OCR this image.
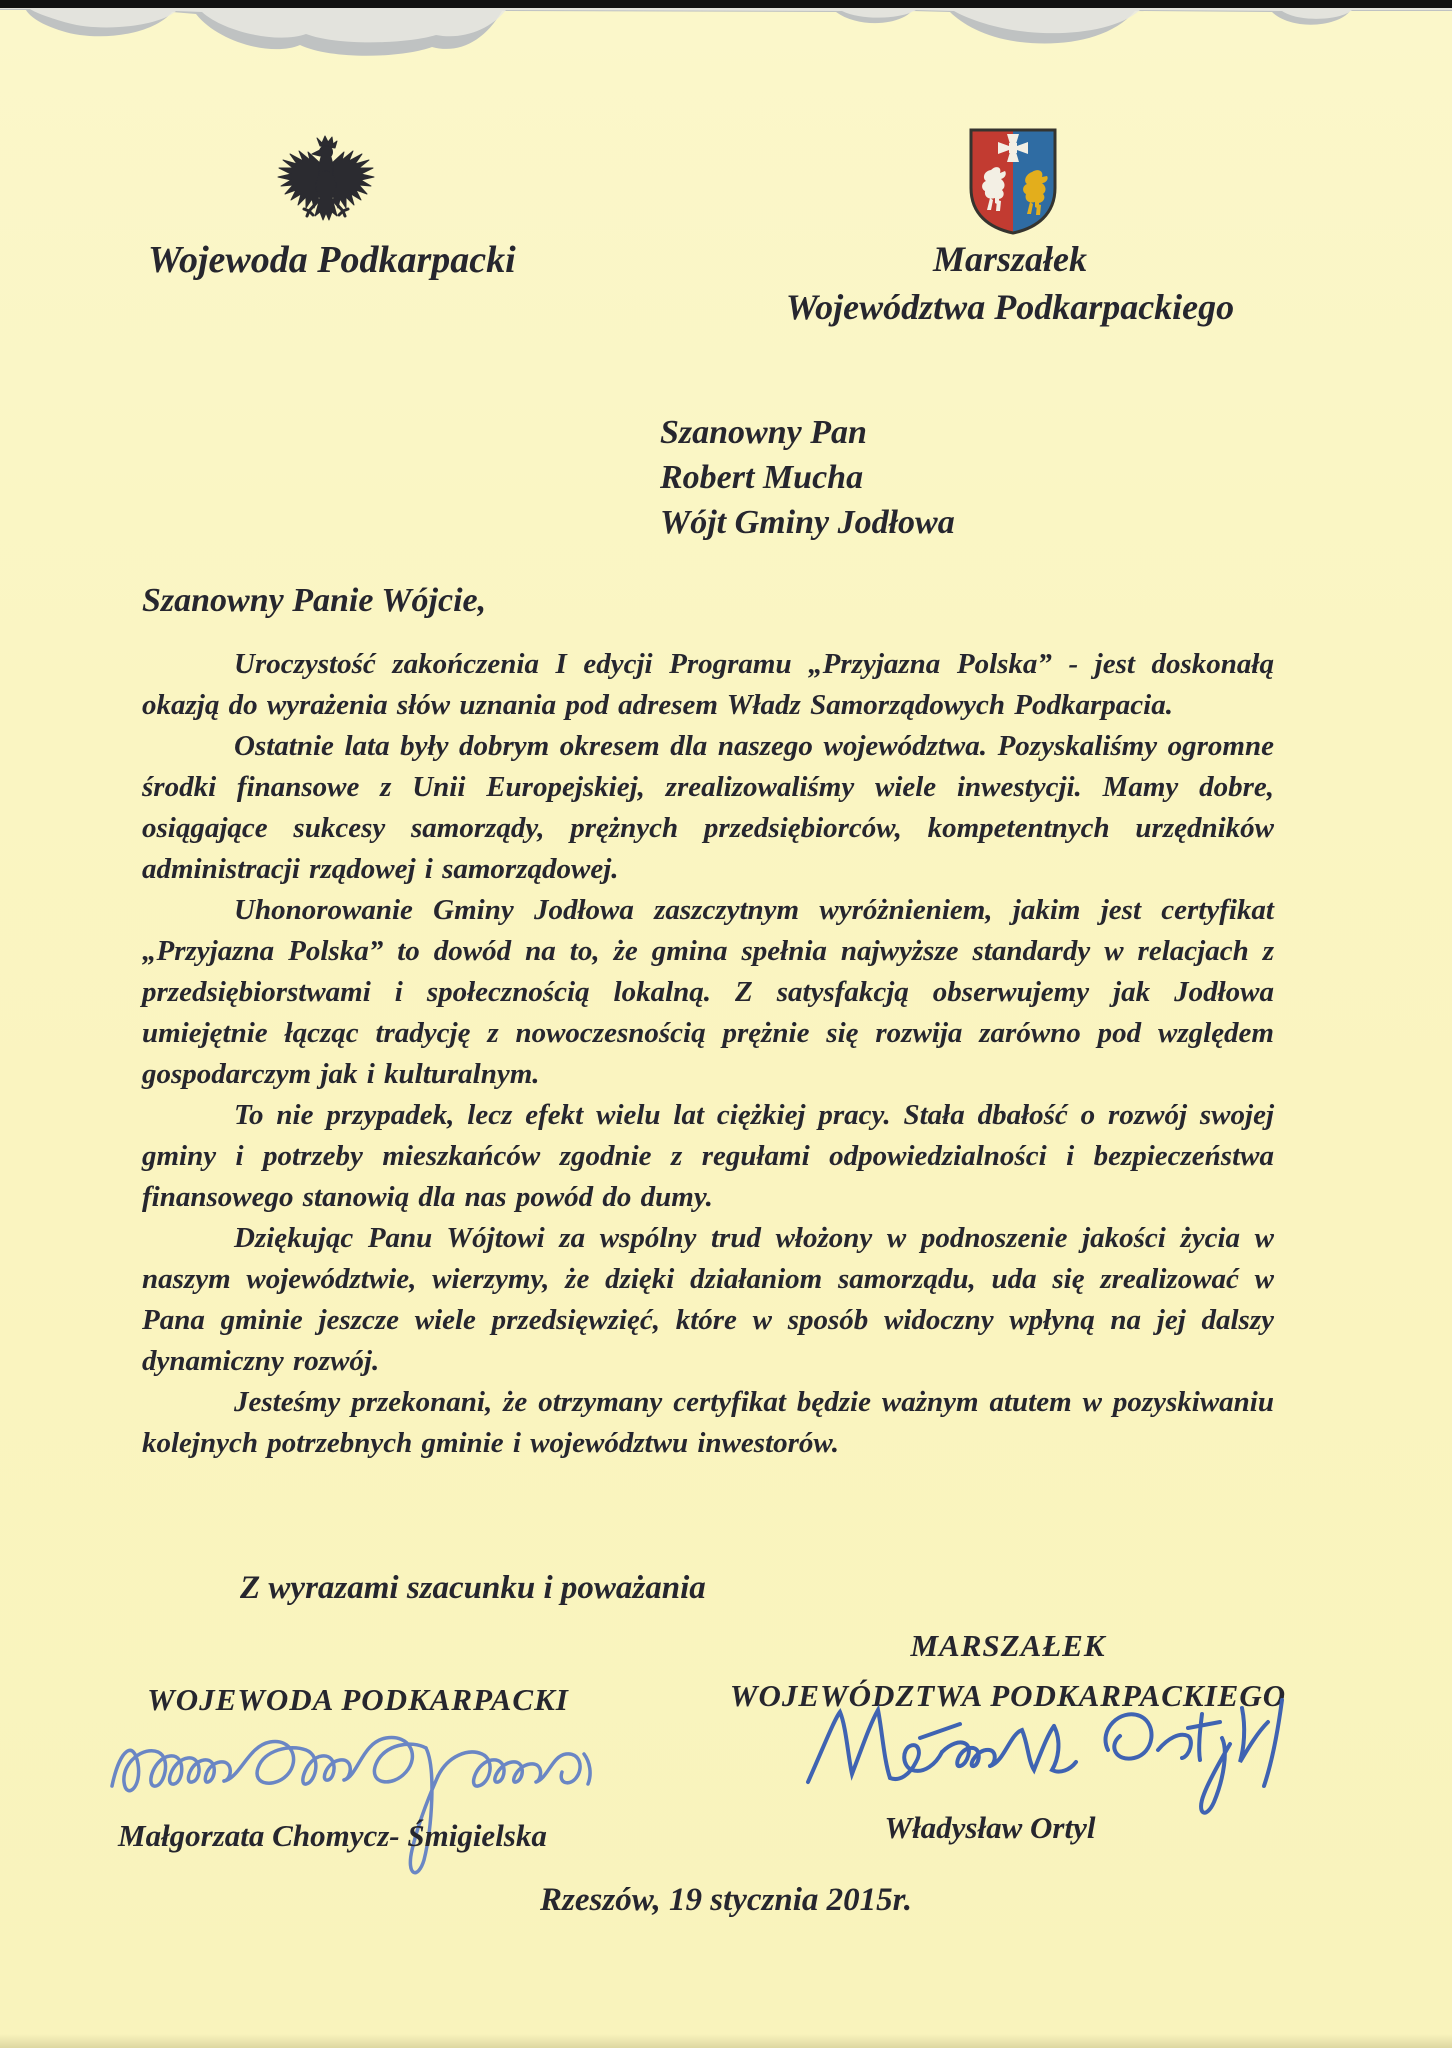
Wojewoda Podkarpacki	Marszałek
Województwa Podkarpackiego
Szanowny Pan
Robert Mucha
Wójt Gminy Jodłowa
Szanowny Panie Wójcie,

Uroczystość zakończenia I edycji Programu „Przyjazna Polska” - jest doskonałą okazją do wyrażenia słów uznania pod adresem Władz Samorządowych Podkarpacia.

Ostatnie lata były dobrym okresem dla naszego województwa. Pozyskaliśmy ogromne środki finansowe z Unii Europejskiej, zrealizowaliśmy wiele inwestycji. Mamy dobre, osiągające sukcesy samorządy, prężnych przedsiębiorców, kompetentnych urzędników administracji rządowej i samorządowej.

Uhonorowanie Gminy Jodłowa zaszczytnym wyróżnieniem, jakim jest certyfikat „Przyjazna Polska” to dowód na to, że gmina spełnia najwyższe standardy w relacjach z przedsiębiorstwami i społecznością lokalną. Z satysfakcją obserwujemy jak Jodłowa umiejętnie łącząc tradycję z nowoczesnością prężnie się rozwija zarówno pod względem gospodarczym jak i kulturalnym.

To nie przypadek, lecz efekt wielu lat ciężkiej pracy. Stała dbałość o rozwój swojej gminy i potrzeby mieszkańców zgodnie z regułami odpowiedzialności i bezpieczeństwa finansowego stanowią dla nas powód do dumy.

Dziękując Panu Wójtowi za wspólny trud włożony w podnoszenie jakości życia w naszym województwie, wierzymy, że dzięki działaniom samorządu, uda się zrealizować w Pana gminie jeszcze wiele przedsięwzięć, które w sposób widoczny wpłyną na jej dalszy dynamiczny rozwój.

Jesteśmy przekonani, że otrzymany certyfikat będzie ważnym atutem w pozyskiwaniu kolejnych potrzebnych gminie i województwu inwestorów.

Z wyrazami szacunku i poważania
WOJEWODA PODKARPACKI
MARSZAŁEK
WOJEWÓDZTWA PODKARPACKIEGO
Małgorzata Chomycz- Śmigielska	Władysław Ortyl
Rzeszów, 19 stycznia 2015r.
